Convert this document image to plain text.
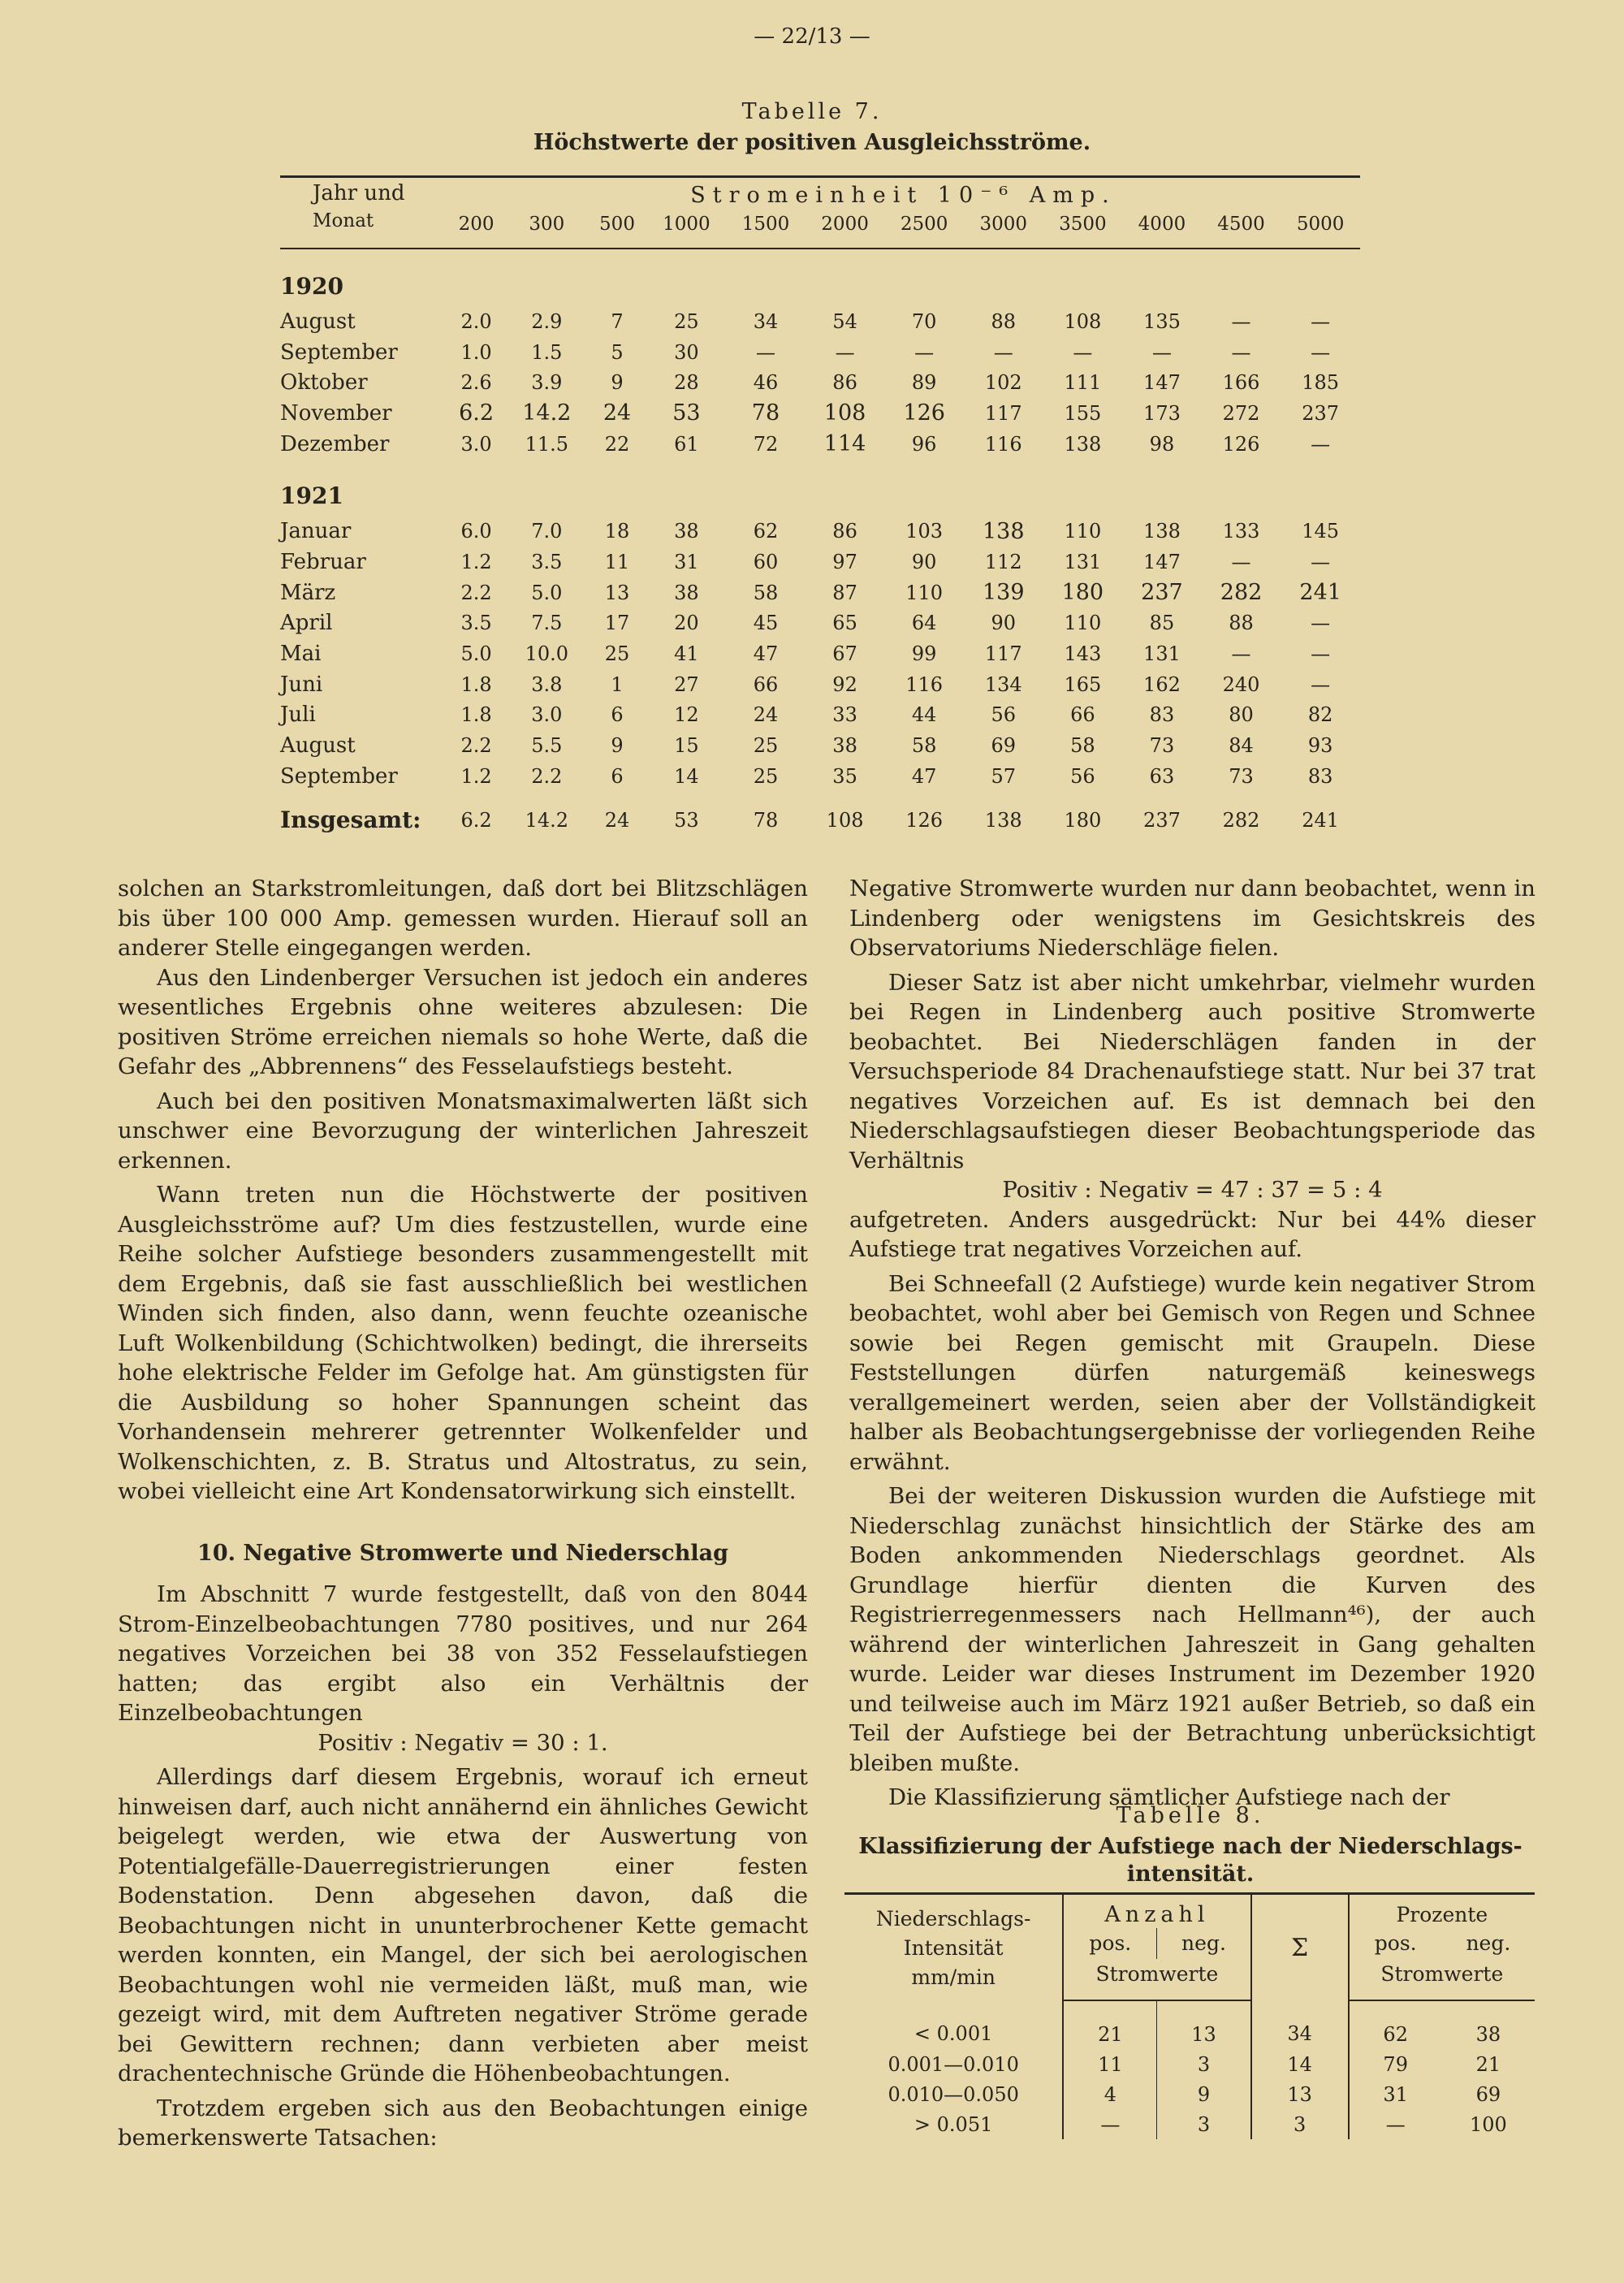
— 22/13 —
Tabelle 7.
Höchstwerte der positiven Ausgleichsströme.
Jahr und	Stromeinheit 10⁻⁶ Amp.											
Monat	200	300	500	1000	1500	2000	2500	3000	3500	4000	4500	5000
1920												
August	2.0	2.9	7	25	34	54	70	88	108	135	—	—
September	1.0	1.5	5	30	—	—	—	—	—	—	—	—
Oktober	2.6	3.9	9	28	46	86	89	102	111	147	166	185
November	6.2	14.2	24	53	78	108	126	117	155	173	272	237
Dezember	3.0	11.5	22	61	72	114	96	116	138	98	126	—
1921												
Januar	6.0	7.0	18	38	62	86	103	138	110	138	133	145
Februar	1.2	3.5	11	31	60	97	90	112	131	147	—	—
März	2.2	5.0	13	38	58	87	110	139	180	237	282	241
April	3.5	7.5	17	20	45	65	64	90	110	85	88	—
Mai	5.0	10.0	25	41	47	67	99	117	143	131	—	—
Juni	1.8	3.8	1	27	66	92	116	134	165	162	240	—
Juli	1.8	3.0	6	12	24	33	44	56	66	83	80	82
August	2.2	5.5	9	15	25	38	58	69	58	73	84	93
September	1.2	2.2	6	14	25	35	47	57	56	63	73	83
Insgesamt:	6.2	14.2	24	53	78	108	126	138	180	237	282	241

solchen an Starkstromleitungen, daß dort bei Blitzschlägen bis über 100 000 Amp. gemessen wurden. Hierauf soll an anderer Stelle eingegangen werden.

Aus den Lindenberger Versuchen ist jedoch ein anderes wesentliches Ergebnis ohne weiteres abzulesen: Die positiven Ströme erreichen niemals so hohe Werte, daß die Gefahr des „Abbrennens“ des Fesselaufstiegs besteht.

Auch bei den positiven Monatsmaximalwerten läßt sich unschwer eine Bevorzugung der winterlichen Jahreszeit erkennen.

Wann treten nun die Höchstwerte der positiven Ausgleichsströme auf? Um dies festzustellen, wurde eine Reihe solcher Aufstiege besonders zusammengestellt mit dem Ergebnis, daß sie fast ausschließlich bei westlichen Winden sich finden, also dann, wenn feuchte ozeanische Luft Wolkenbildung (Schichtwolken) bedingt, die ihrerseits hohe elektrische Felder im Gefolge hat. Am günstigsten für die Ausbildung so hoher Spannungen scheint das Vorhandensein mehrerer getrennter Wolkenfelder und Wolkenschichten, z. B. Stratus und Altostratus, zu sein, wobei vielleicht eine Art Kondensatorwirkung sich einstellt.

10. Negative Stromwerte und Niederschlag

Im Abschnitt 7 wurde festgestellt, daß von den 8044 Strom-Einzelbeobachtungen 7780 positives, und nur 264 negatives Vorzeichen bei 38 von 352 Fesselaufstiegen hatten; das ergibt also ein Verhältnis der Einzelbeobachtungen

Positiv : Negativ = 30 : 1.

Allerdings darf diesem Ergebnis, worauf ich erneut hinweisen darf, auch nicht annähernd ein ähnliches Gewicht beigelegt werden, wie etwa der Auswertung von Potentialgefälle-Dauerregistrierungen einer festen Bodenstation. Denn abgesehen davon, daß die Beobachtungen nicht in ununterbrochener Kette gemacht werden konnten, ein Mangel, der sich bei aerologischen Beobachtungen wohl nie vermeiden läßt, muß man, wie gezeigt wird, mit dem Auftreten negativer Ströme gerade bei Gewittern rechnen; dann verbieten aber meist drachentechnische Gründe die Höhenbeobachtungen.

Trotzdem ergeben sich aus den Beobachtungen einige bemerkenswerte Tatsachen:

Negative Stromwerte wurden nur dann beobachtet, wenn in Lindenberg oder wenigstens im Gesichtskreis des Observatoriums Niederschläge fielen.

Dieser Satz ist aber nicht umkehrbar, vielmehr wurden bei Regen in Lindenberg auch positive Stromwerte beobachtet. Bei Niederschlägen fanden in der Versuchsperiode 84 Drachenaufstiege statt. Nur bei 37 trat negatives Vorzeichen auf. Es ist demnach bei den Niederschlagsaufstiegen dieser Beobachtungsperiode das Verhältnis

Positiv : Negativ = 47 : 37 = 5 : 4

aufgetreten. Anders ausgedrückt: Nur bei 44% dieser Aufstiege trat negatives Vorzeichen auf.

Bei Schneefall (2 Aufstiege) wurde kein negativer Strom beobachtet, wohl aber bei Gemisch von Regen und Schnee sowie bei Regen gemischt mit Graupeln. Diese Feststellungen dürfen naturgemäß keineswegs verallgemeinert werden, seien aber der Vollständigkeit halber als Beobachtungsergebnisse der vorliegenden Reihe erwähnt.

Bei der weiteren Diskussion wurden die Aufstiege mit Niederschlag zunächst hinsichtlich der Stärke des am Boden ankommenden Niederschlags geordnet. Als Grundlage hierfür dienten die Kurven des Registrierregenmessers nach Hellmann⁴⁶), der auch während der winterlichen Jahreszeit in Gang gehalten wurde. Leider war dieses Instrument im Dezember 1920 und teilweise auch im März 1921 außer Betrieb, so daß ein Teil der Aufstiege bei der Betrachtung unberücksichtigt bleiben mußte.

Die Klassifizierung sämtlicher Aufstiege nach der

Tabelle 8.
Klassifizierung der Aufstiege nach der Niederschlags-
intensität.
Niederschlags-
Intensität
mm/min	Anzahl		Σ	Prozente	
	pos.	neg.		pos.	neg.
	Stromwerte			Stromwerte	
< 0.001	21	13	34	62	38
0.001—0.010	11	3	14	79	21
0.010—0.050	4	9	13	31	69
> 0.051	—	3	3	—	100
